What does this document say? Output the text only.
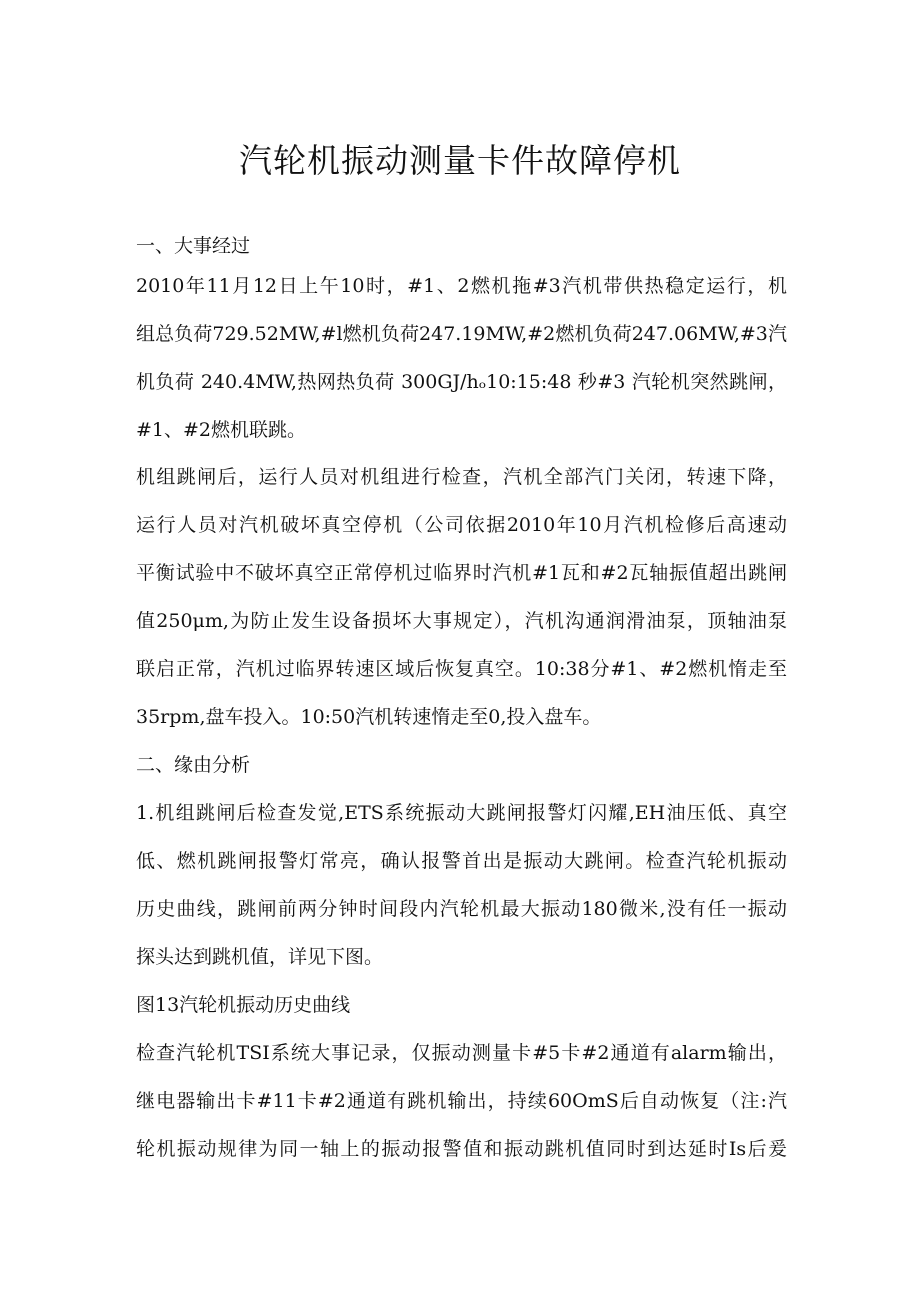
汽轮机振动测量卡件故障停机

一、大事经过

2010年11月12日上午10时，#1、2燃机拖#3汽机带供热稳定运行，机
组总负荷729.52MW,#l燃机负荷247.19MW,#2燃机负荷247.06MW,#3汽
机负荷 240.4MW,热网热负荷 300GJ∕hₒ10:15:48 秒#3 汽轮机突然跳闸，
#1、#2燃机联跳。

机组跳闸后，运行人员对机组进行检查，汽机全部汽门关闭，转速下降，
运行人员对汽机破坏真空停机（公司依据2010年10月汽机检修后高速动
平衡试验中不破坏真空正常停机过临界时汽机#1瓦和#2瓦轴振值超出跳闸
值250μm,为防止发生设备损坏大事规定），汽机沟通润滑油泵，顶轴油泵
联启正常，汽机过临界转速区域后恢复真空。10:38分#1、#2燃机惰走至
35rpm,盘车投入。10:50汽机转速惰走至0,投入盘车。

二、缘由分析

1.机组跳闸后检查发觉,ETS系统振动大跳闸报警灯闪耀,EH油压低、真空
低、燃机跳闸报警灯常亮，确认报警首出是振动大跳闸。检查汽轮机振动
历史曲线，跳闸前两分钟时间段内汽轮机最大振动180微米,没有任一振动
探头达到跳机值，详见下图。

图13汽轮机振动历史曲线

检查汽轮机TSI系统大事记录，仅振动测量卡#5卡#2通道有alarm输出，
继电器输出卡#11卡#2通道有跳机输出，持续60OmS后自动恢复（注:汽
轮机振动规律为同一轴上的振动报警值和振动跳机值同时到达延时Is后爰
